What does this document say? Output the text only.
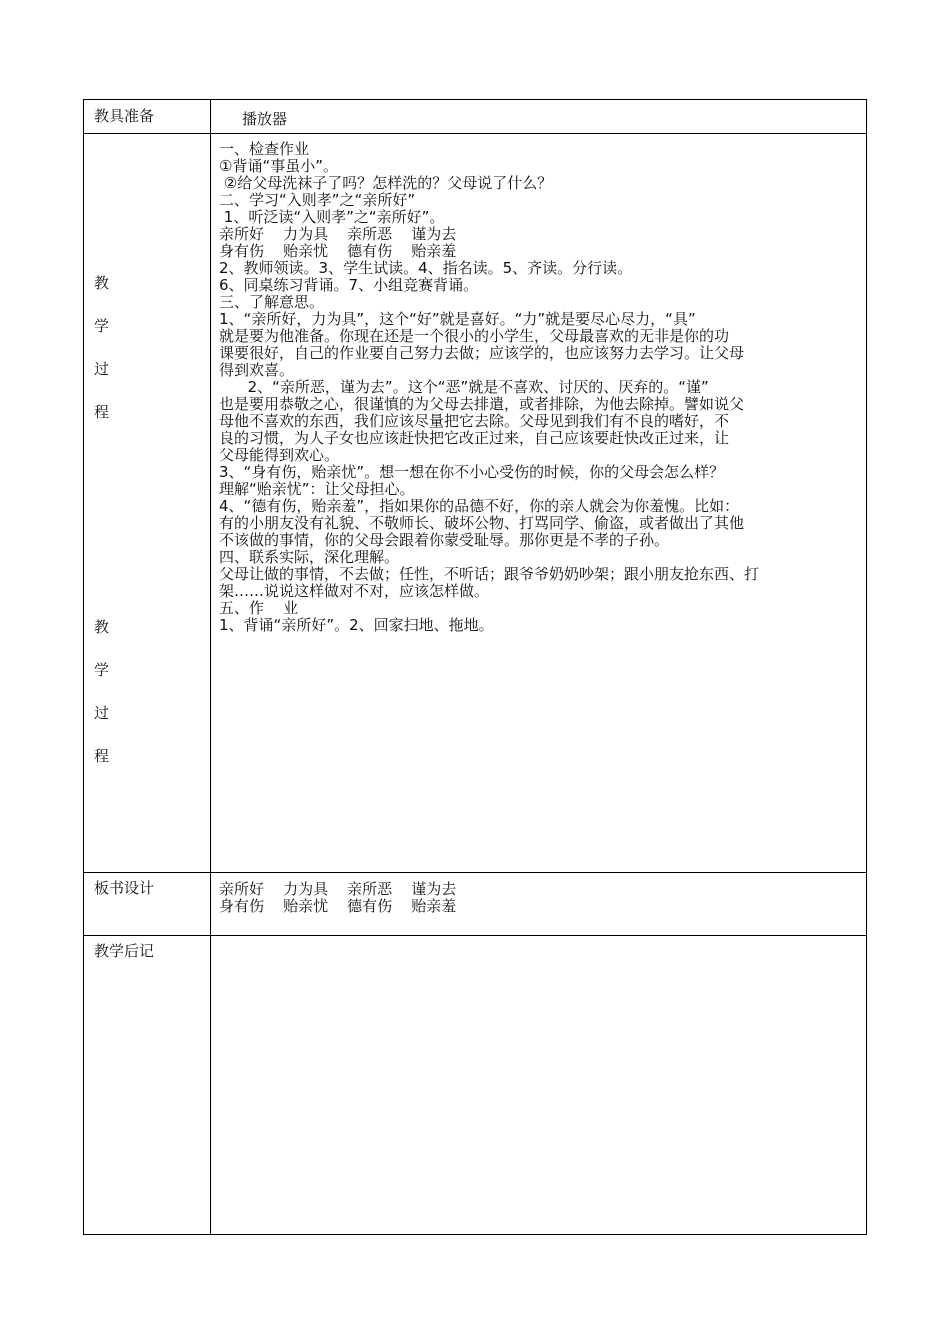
教具准备	播放器
教
学
过
程
教
学
过
程

一、检查作业

①背诵“事虽小”。

②给父母洗袜子了吗？怎样洗的？父母说了什么？

二、学习“入则孝”之“亲所好”

1、听泛读“入则孝”之“亲所好”。

亲所好    力为具    亲所恶    谨为去

身有伤    贻亲忧    德有伤    贻亲羞

2、教师领读。3、学生试读。4、指名读。5、齐读。分行读。

6、同桌练习背诵。7、小组竞赛背诵。

三、了解意思。

1、“亲所好，力为具”，这个“好”就是喜好。“力”就是要尽心尽力，“具”

就是要为他准备。你现在还是一个很小的小学生，父母最喜欢的无非是你的功

课要很好，自己的作业要自己努力去做；应该学的，也应该努力去学习。让父母

得到欢喜。

2、“亲所恶，谨为去”。这个“恶”就是不喜欢、讨厌的、厌弃的。“谨”

也是要用恭敬之心，很谨慎的为父母去排遣，或者排除，为他去除掉。譬如说父

母他不喜欢的东西，我们应该尽量把它去除。父母见到我们有不良的嗜好，不

良的习惯，为人子女也应该赶快把它改正过来，自己应该要赶快改正过来，让

父母能得到欢心。

3、“身有伤，贻亲忧”。想一想在你不小心受伤的时候，你的父母会怎么样？

理解“贻亲忧”：让父母担心。

4、“德有伤，贻亲羞”，指如果你的品德不好，你的亲人就会为你羞愧。比如：

有的小朋友没有礼貌、不敬师长、破坏公物、打骂同学、偷盗，或者做出了其他

不该做的事情，你的父母会跟着你蒙受耻辱。那你更是不孝的子孙。

四、联系实际，深化理解。

父母让做的事情，不去做；任性，不听话；跟爷爷奶奶吵架；跟小朋友抢东西、打

架……说说这样做对不对，应该怎样做。

五、作    业

1、背诵“亲所好”。2、回家扫地、拖地。

板书设计	亲所好    力为具    亲所恶    谨为去

身有伤    贻亲忧    德有伤    贻亲羞

教学后记
